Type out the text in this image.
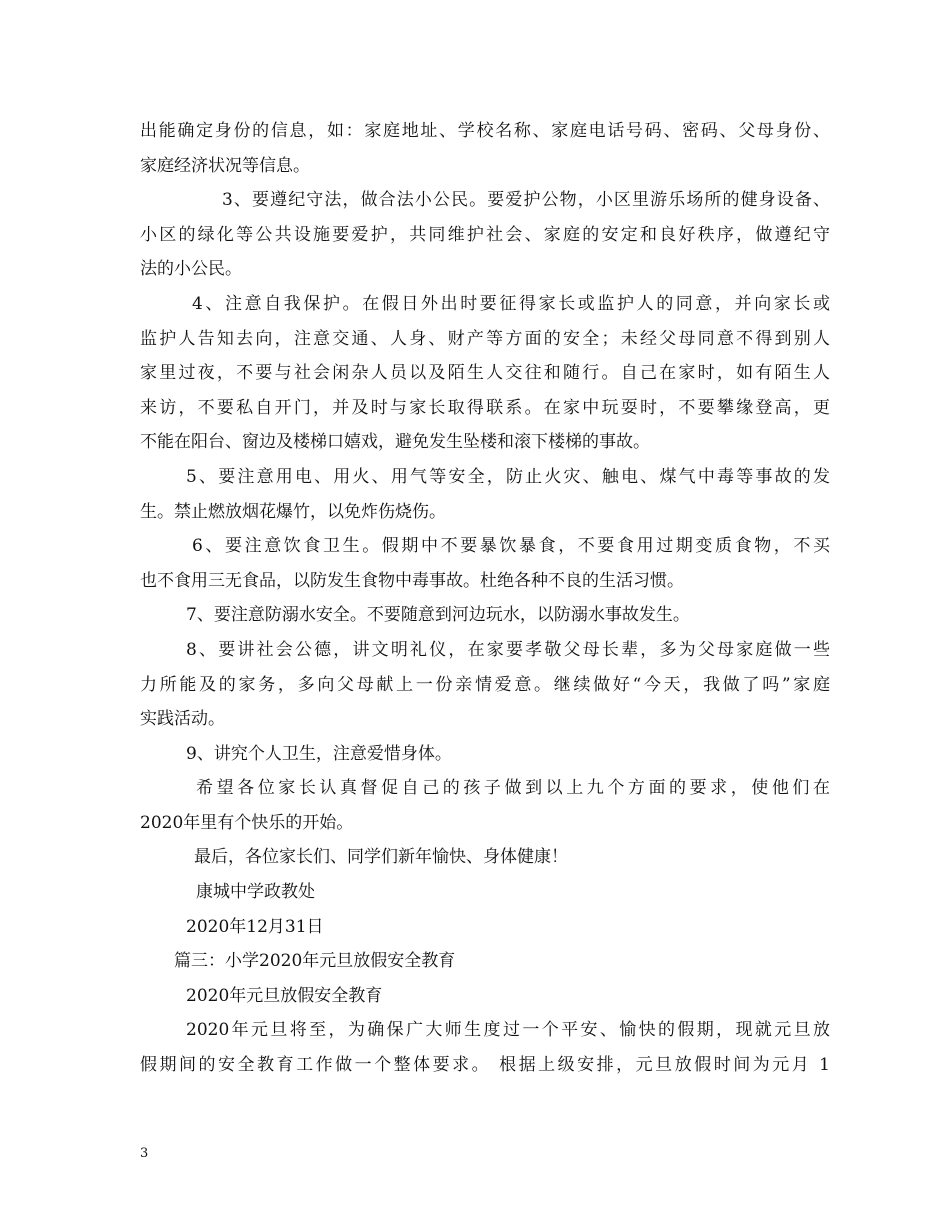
出能确定身份的信息，如：家庭地址、学校名称、家庭电话号码、密码、父母身份、
家庭经济状况等信息。
3、要遵纪守法，做合法小公民。要爱护公物，小区里游乐场所的健身设备、
小区的绿化等公共设施要爱护，共同维护社会、家庭的安定和良好秩序，做遵纪守
法的小公民。
4、注意自我保护。在假日外出时要征得家长或监护人的同意，并向家长或
监护人告知去向，注意交通、人身、财产等方面的安全；未经父母同意不得到别人
家里过夜，不要与社会闲杂人员以及陌生人交往和随行。自己在家时，如有陌生人
来访，不要私自开门，并及时与家长取得联系。在家中玩耍时，不要攀缘登高，更
不能在阳台、窗边及楼梯口嬉戏，避免发生坠楼和滚下楼梯的事故。
5、要注意用电、用火、用气等安全，防止火灾、触电、煤气中毒等事故的发
生。禁止燃放烟花爆竹，以免炸伤烧伤。
6、要注意饮食卫生。假期中不要暴饮暴食，不要食用过期变质食物，不买
也不食用三无食品，以防发生食物中毒事故。杜绝各种不良的生活习惯。
7、要注意防溺水安全。不要随意到河边玩水，以防溺水事故发生。
8、要讲社会公德，讲文明礼仪，在家要孝敬父母长辈，多为父母家庭做一些
力所能及的家务，多向父母献上一份亲情爱意。继续做好“今天，我做了吗”家庭
实践活动。
9、讲究个人卫生，注意爱惜身体。
希望各位家长认真督促自己的孩子做到以上九个方面的要求，使他们在
2020年里有个快乐的开始。
最后，各位家长们、同学们新年愉快、身体健康！
康城中学政教处
2020年12月31日
篇三：小学2020年元旦放假安全教育
2020年元旦放假安全教育
2020年元旦将至，为确保广大师生度过一个平安、愉快的假期，现就元旦放
假期间的安全教育工作做一个整体要求。 根据上级安排，元旦放假时间为元月 1
3
